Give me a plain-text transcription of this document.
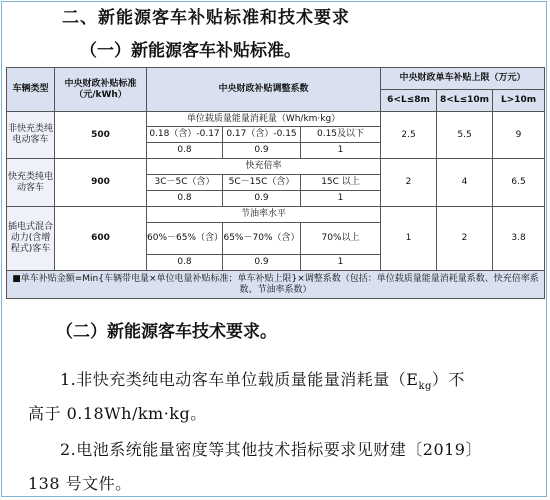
二、新能源客车补贴标准和技术要求
（一）新能源客车补贴标准。
车辆类型	中央财政补贴标准（元/kWh）	中央财政补贴调整系数			中央财政单车补贴上限（万元）		
					6<L≤8m	8<L≤10m	L>10m
非快充类纯电动客车	500	单位载质量能量消耗量（Wh/km·kg）			2.5	5.5	9
		0.18（含）-0.17	0.17（含）-0.15	0.15及以下			
		0.8	0.9	1			
快充类纯电动客车	900	快充倍率			2	4	6.5
		3C－5C（含）	5C－15C（含）	15C 以上			
		0.8	0.9	1			
插电式混合动力(含增程式)客车	600	节油率水平			1	2	3.8
		60%－65%（含）	65%－70%（含）	70%以上			
		0.8	0.9	1			
■单车补贴金额=Min{车辆带电量×单位电量补贴标准；单车补贴上限}×调整系数（包括：单位载质量能量消耗量系数、快充倍率系数、节油率系数）							
（二）新能源客车技术要求。
1.非快充类纯电动客车单位载质量能量消耗量$(E_{kg})$不
高于 0.18Wh/km·kg。
2.电池系统能量密度等其他技术指标要求见财建〔2019〕
138 号文件。
